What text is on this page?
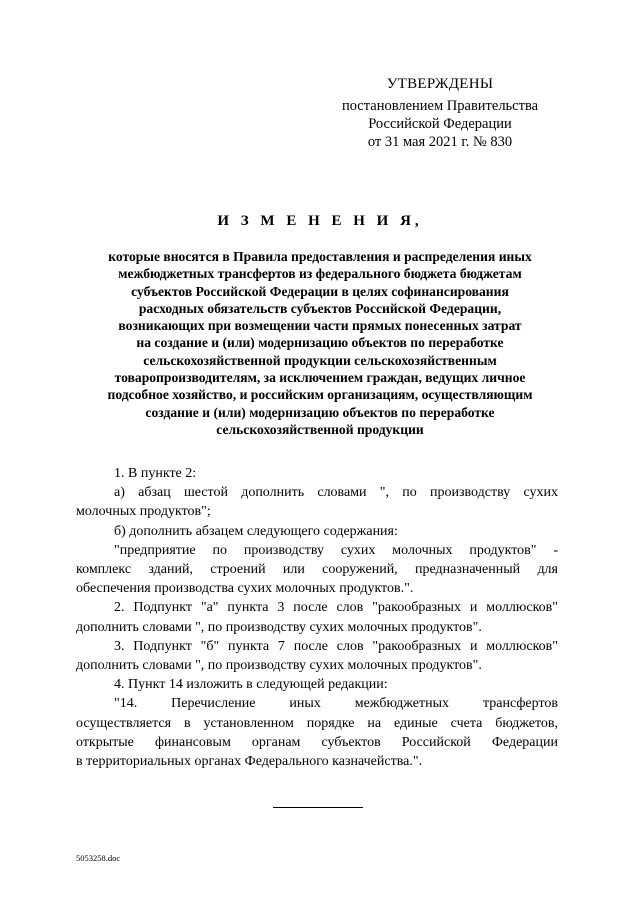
УТВЕРЖДЕНЫ
постановлением Правительства
Российской Федерации
от 31 мая 2021 г. № 830
И З М Е Н Е Н И Я,
которые вносятся в Правила предоставления и распределения иных
межбюджетных трансфертов из федерального бюджета бюджетам
субъектов Российской Федерации в целях софинансирования
расходных обязательств субъектов Российской Федерации,
возникающих при возмещении части прямых понесенных затрат
на создание и (или) модернизацию объектов по переработке
сельскохозяйственной продукции сельскохозяйственным
товаропроизводителям, за исключением граждан, ведущих личное
подсобное хозяйство, и российским организациям, осуществляющим
создание и (или) модернизацию объектов по переработке
сельскохозяйственной продукции

1. В пункте 2:

а) абзац шестой дополнить словами ", по производству сухих
молочных продуктов";

б) дополнить абзацем следующего содержания:

"предприятие по производству сухих молочных продуктов" -
комплекс зданий, строений или сооружений, предназначенный для
обеспечения производства сухих молочных продуктов.".

2. Подпункт "а" пункта 3 после слов "ракообразных и моллюсков"
дополнить словами ", по производству сухих молочных продуктов".

3. Подпункт "б" пункта 7 после слов "ракообразных и моллюсков"
дополнить словами ", по производству сухих молочных продуктов".

4. Пункт 14 изложить в следующей редакции:

"14. Перечисление иных межбюджетных трансфертов
осуществляется в установленном порядке на единые счета бюджетов,
открытые финансовым органам субъектов Российской Федерации
в территориальных органах Федерального казначейства.".

5053258.doc
